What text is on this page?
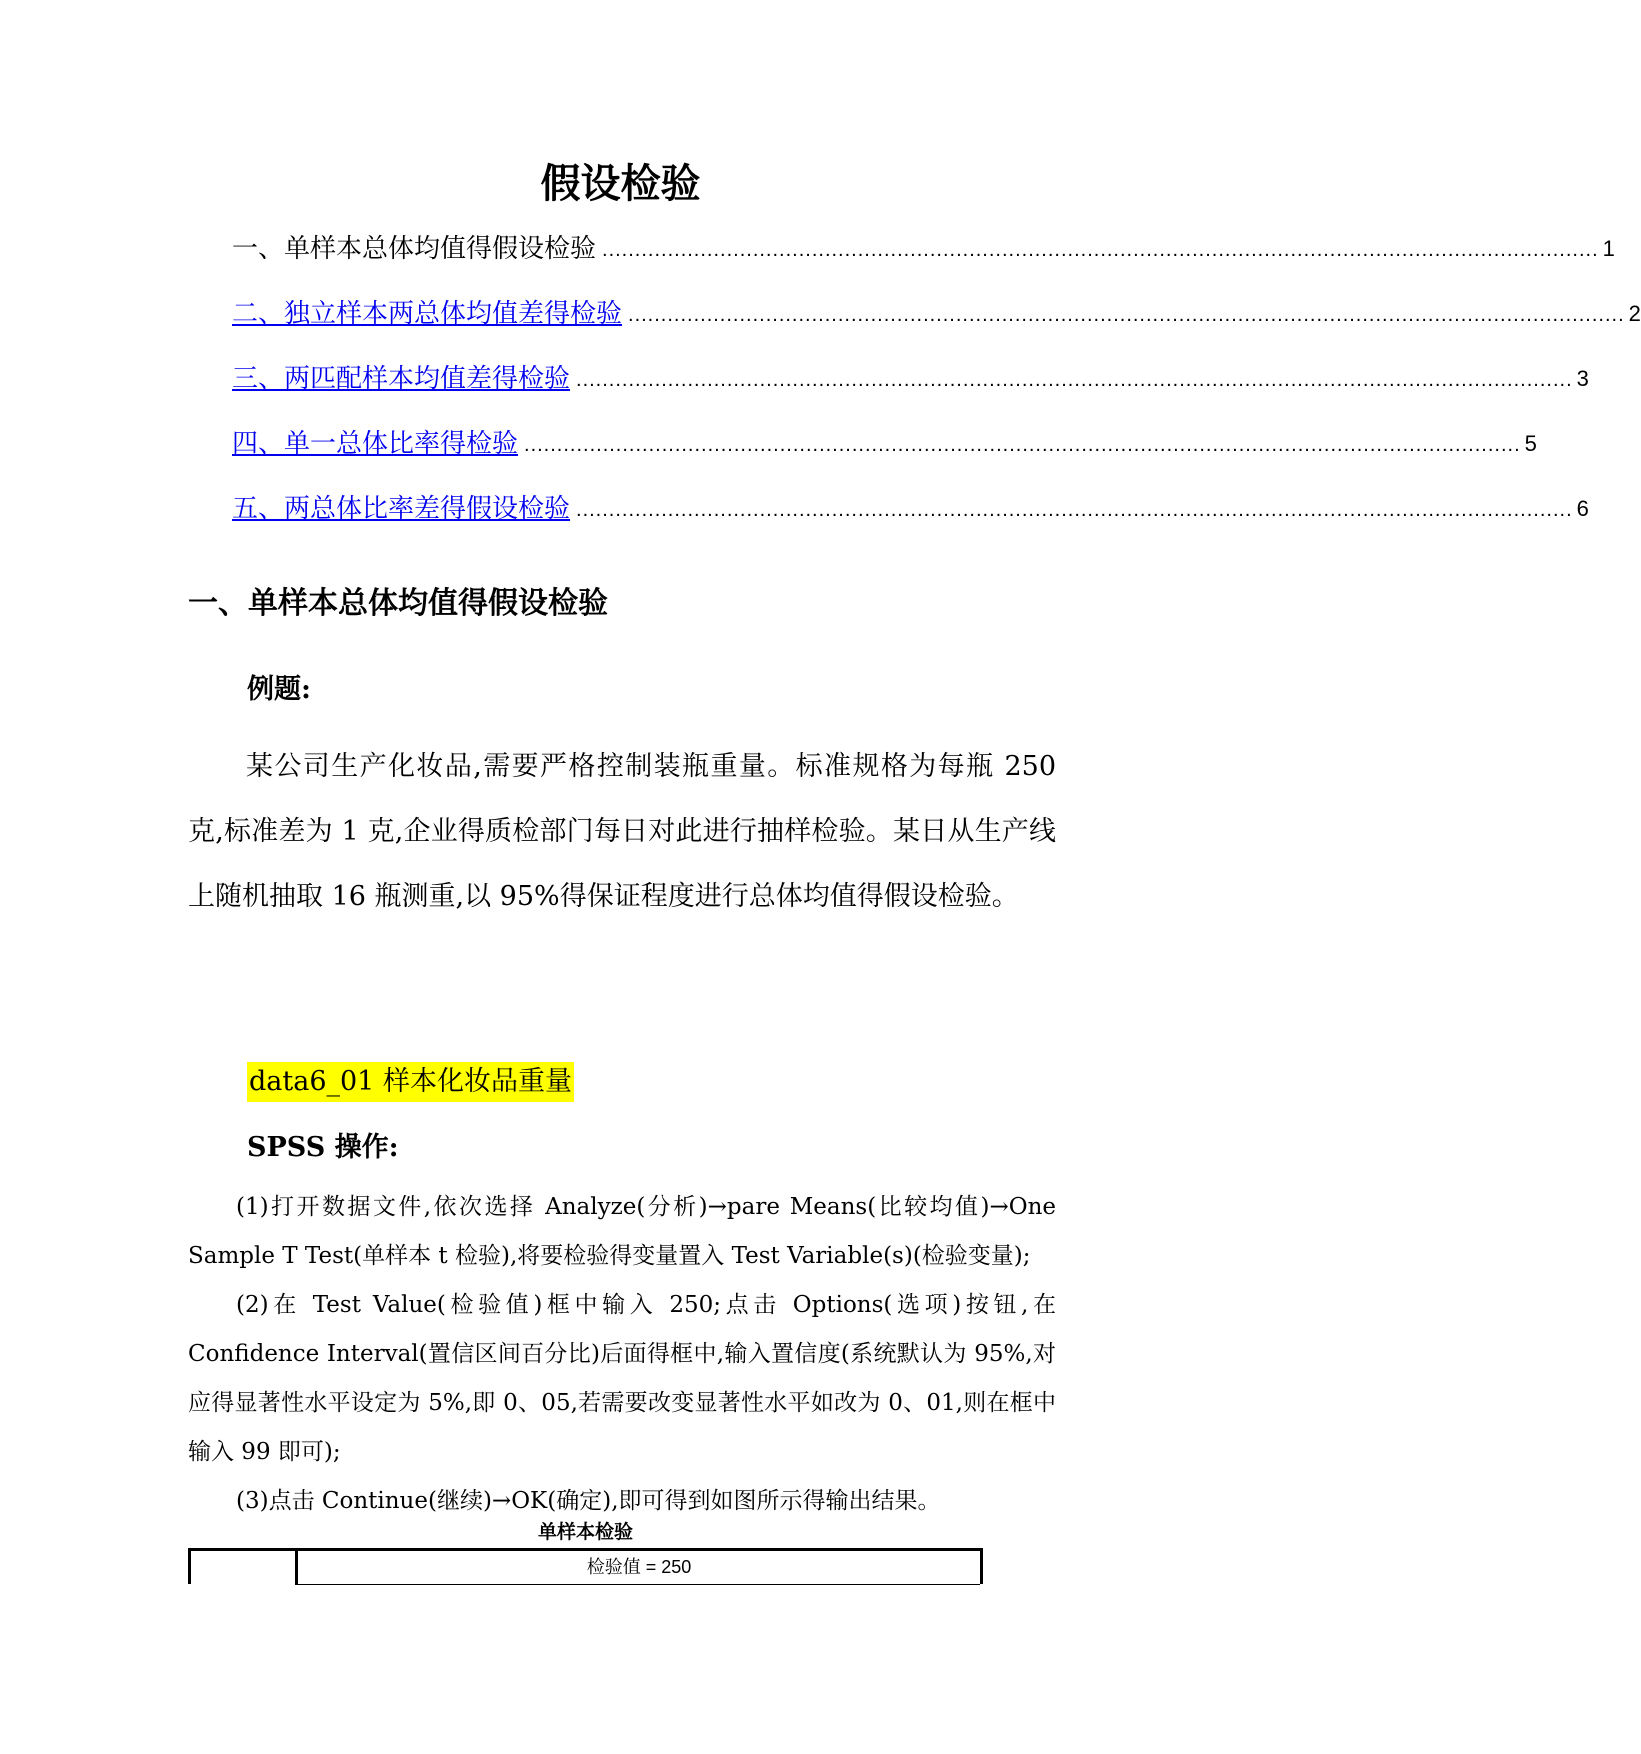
假设检验
一、单样本总体均值得假设检验 ........................................................................................................................................................ 1
二、独立样本两总体均值差得检验 ........................................................................................................................................................ 2
三、两匹配样本均值差得检验 ........................................................................................................................................................ 3
四、单一总体比率得检验 ........................................................................................................................................................ 5
五、两总体比率差得假设检验 ........................................................................................................................................................ 6
一、单样本总体均值得假设检验
例题:
某公司生产化妆品,需要严格控制装瓶重量。标准规格为每瓶 250 克,标准差为 1 克,企业得质检部门每日对此进行抽样检验。某日从生产线上随机抽取 16 瓶测重,以 95%得保证程度进行总体均值得假设检验。
data6_01 样本化妆品重量
SPSS 操作:
(1)打开数据文件,依次选择 Analyze(分析)→pare Means(比较均值)→One Sample T Test(单样本 t 检验),将要检验得变量置入 Test Variable(s)(检验变量);
(2)在 Test Value(检验值)框中输入 250;点击 Options(选项)按钮,在 Confidence Interval(置信区间百分比)后面得框中,输入置信度(系统默认为 95%,对应得显著性水平设定为 5%,即 0、05,若需要改变显著性水平如改为 0、01,则在框中输入 99 即可);
(3)点击 Continue(继续)→OK(确定),即可得到如图所示得输出结果。
单样本检验
检验值 = 250
